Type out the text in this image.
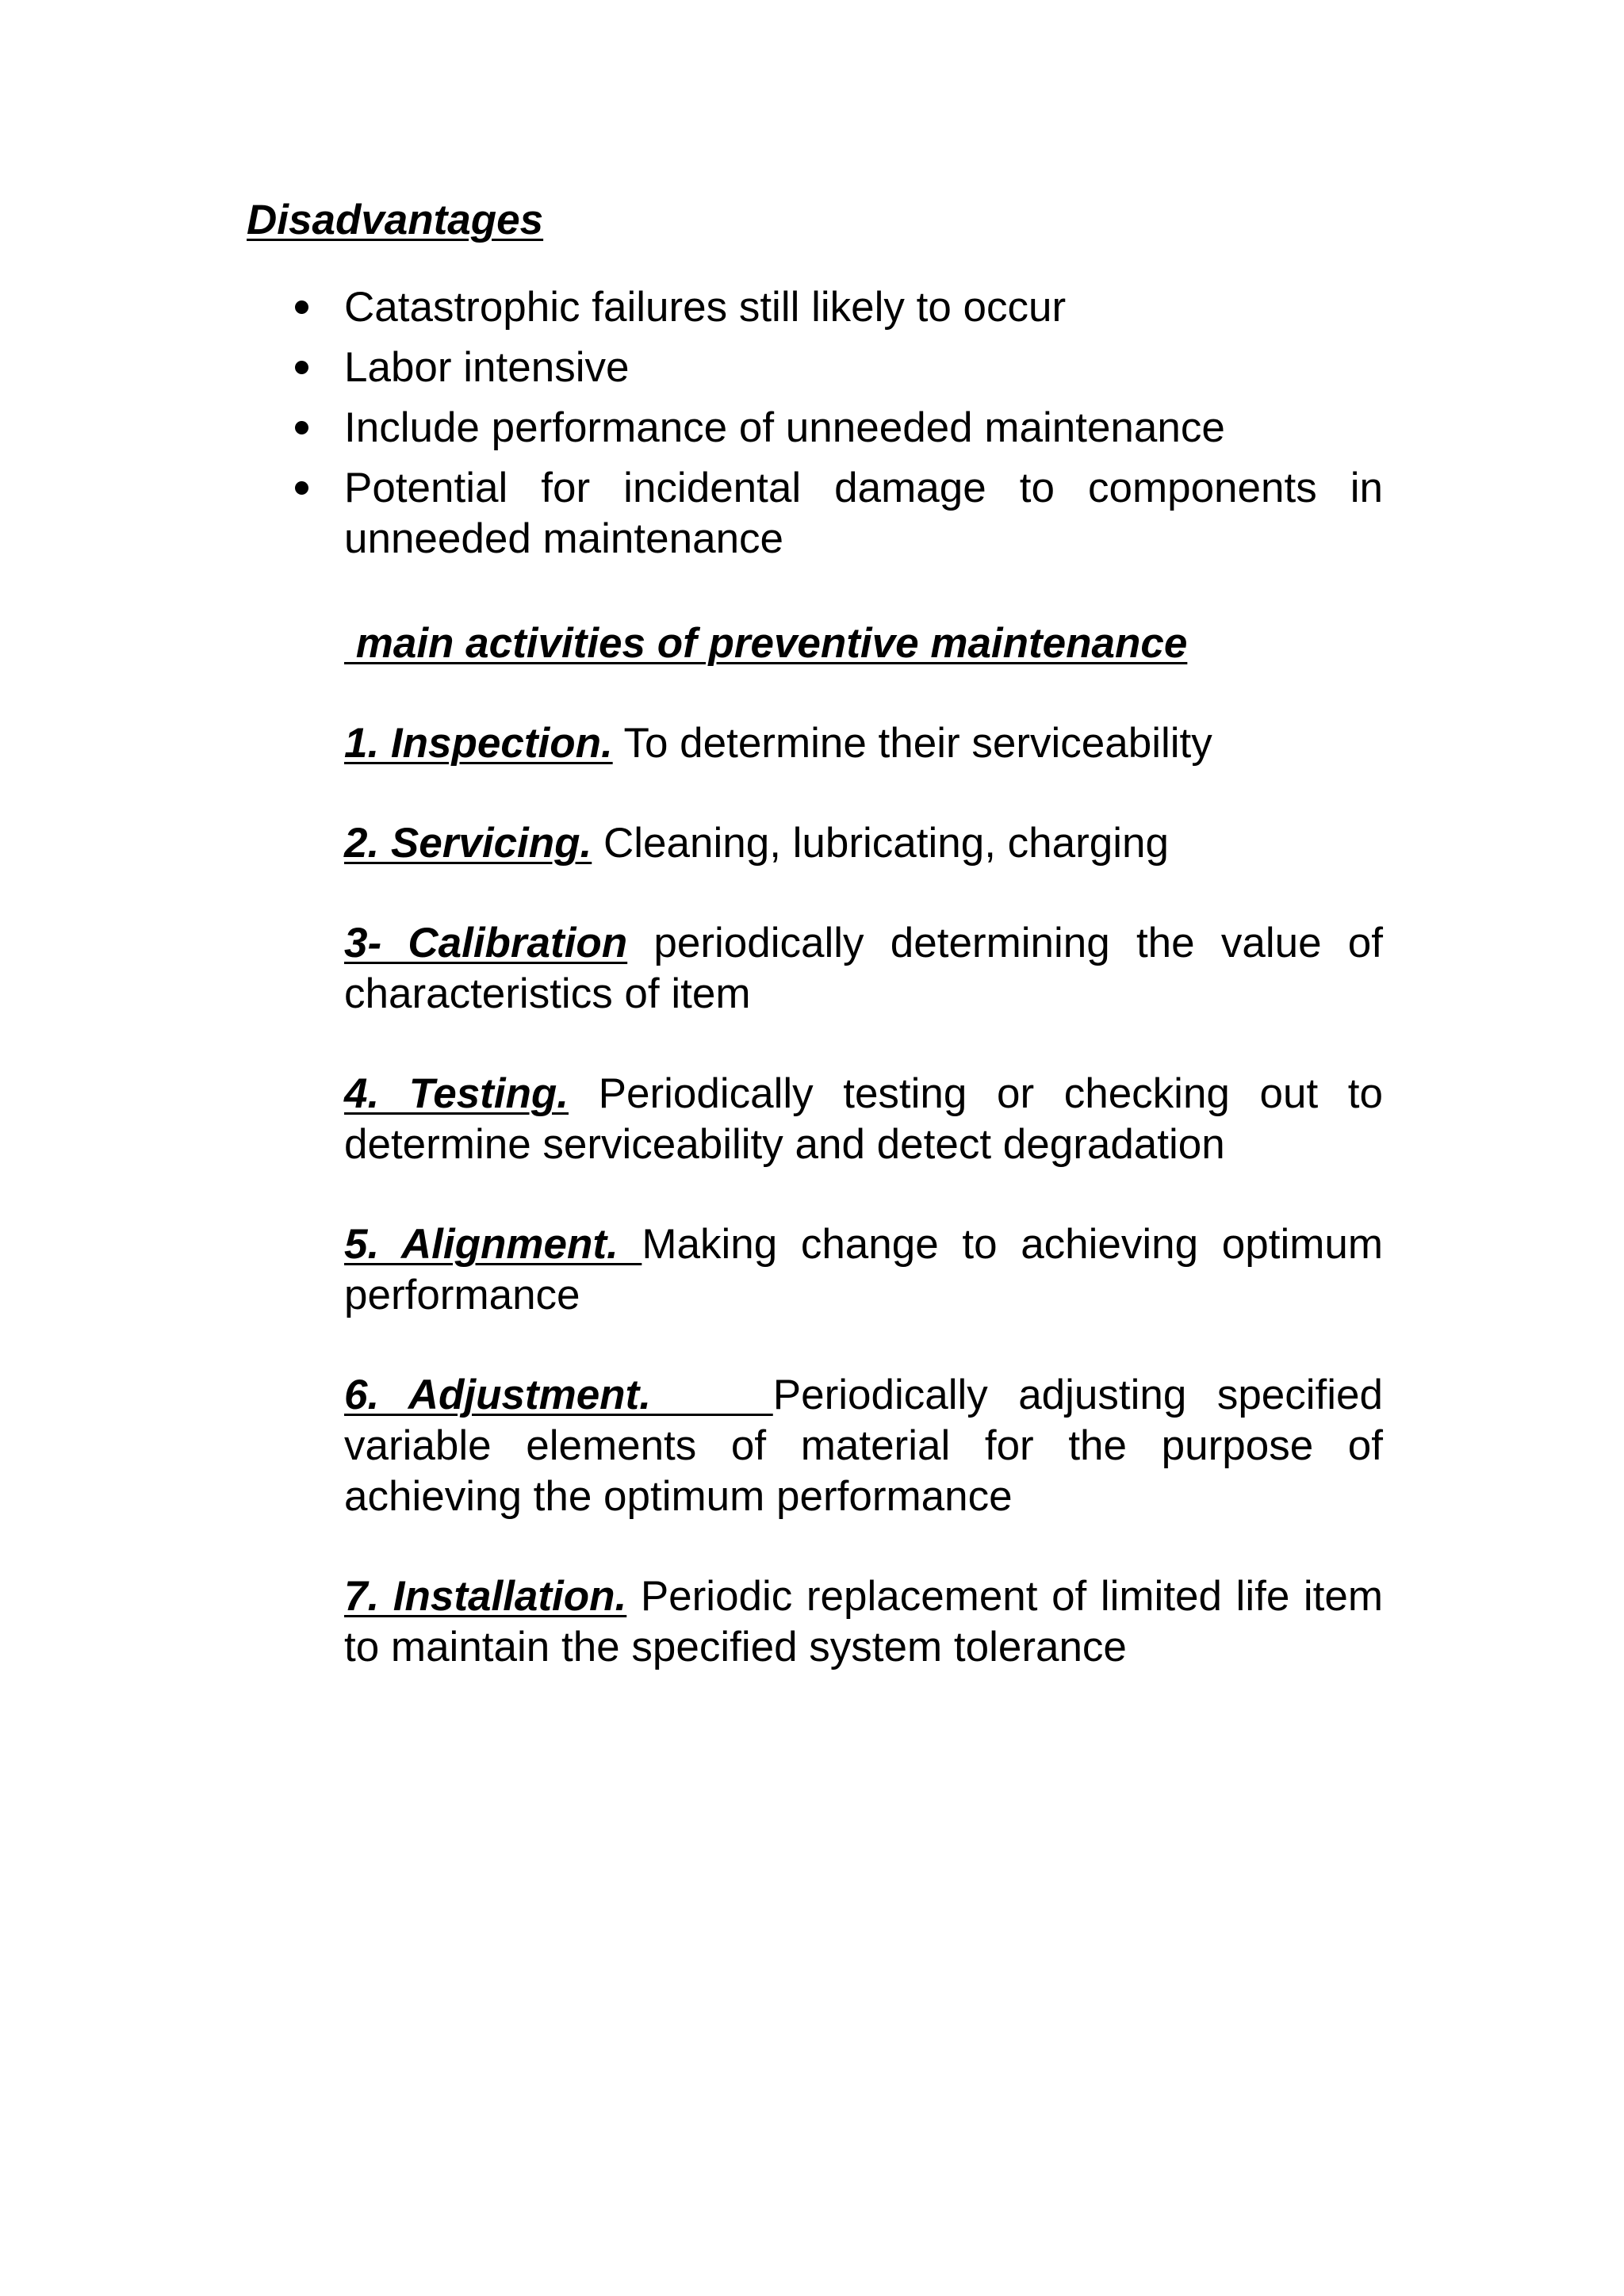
Disadvantages
Catastrophic failures still likely to occur
Labor intensive
Include performance of unneeded maintenance
Potential for incidental damage to components in unneeded maintenance
main activities of preventive maintenance

1. Inspection. To determine their serviceability

2. Servicing. Cleaning, lubricating, charging

3- Calibration periodically determining the value of characteristics of item

4. Testing. Periodically testing or checking out to determine serviceability and detect degradation

5. Alignment. Making change to achieving optimum performance

6. Adjustment.    Periodically adjusting specified variable elements of material for the purpose of achieving the optimum performance

7. Installation. Periodic replacement of limited life item to maintain the specified system tolerance
